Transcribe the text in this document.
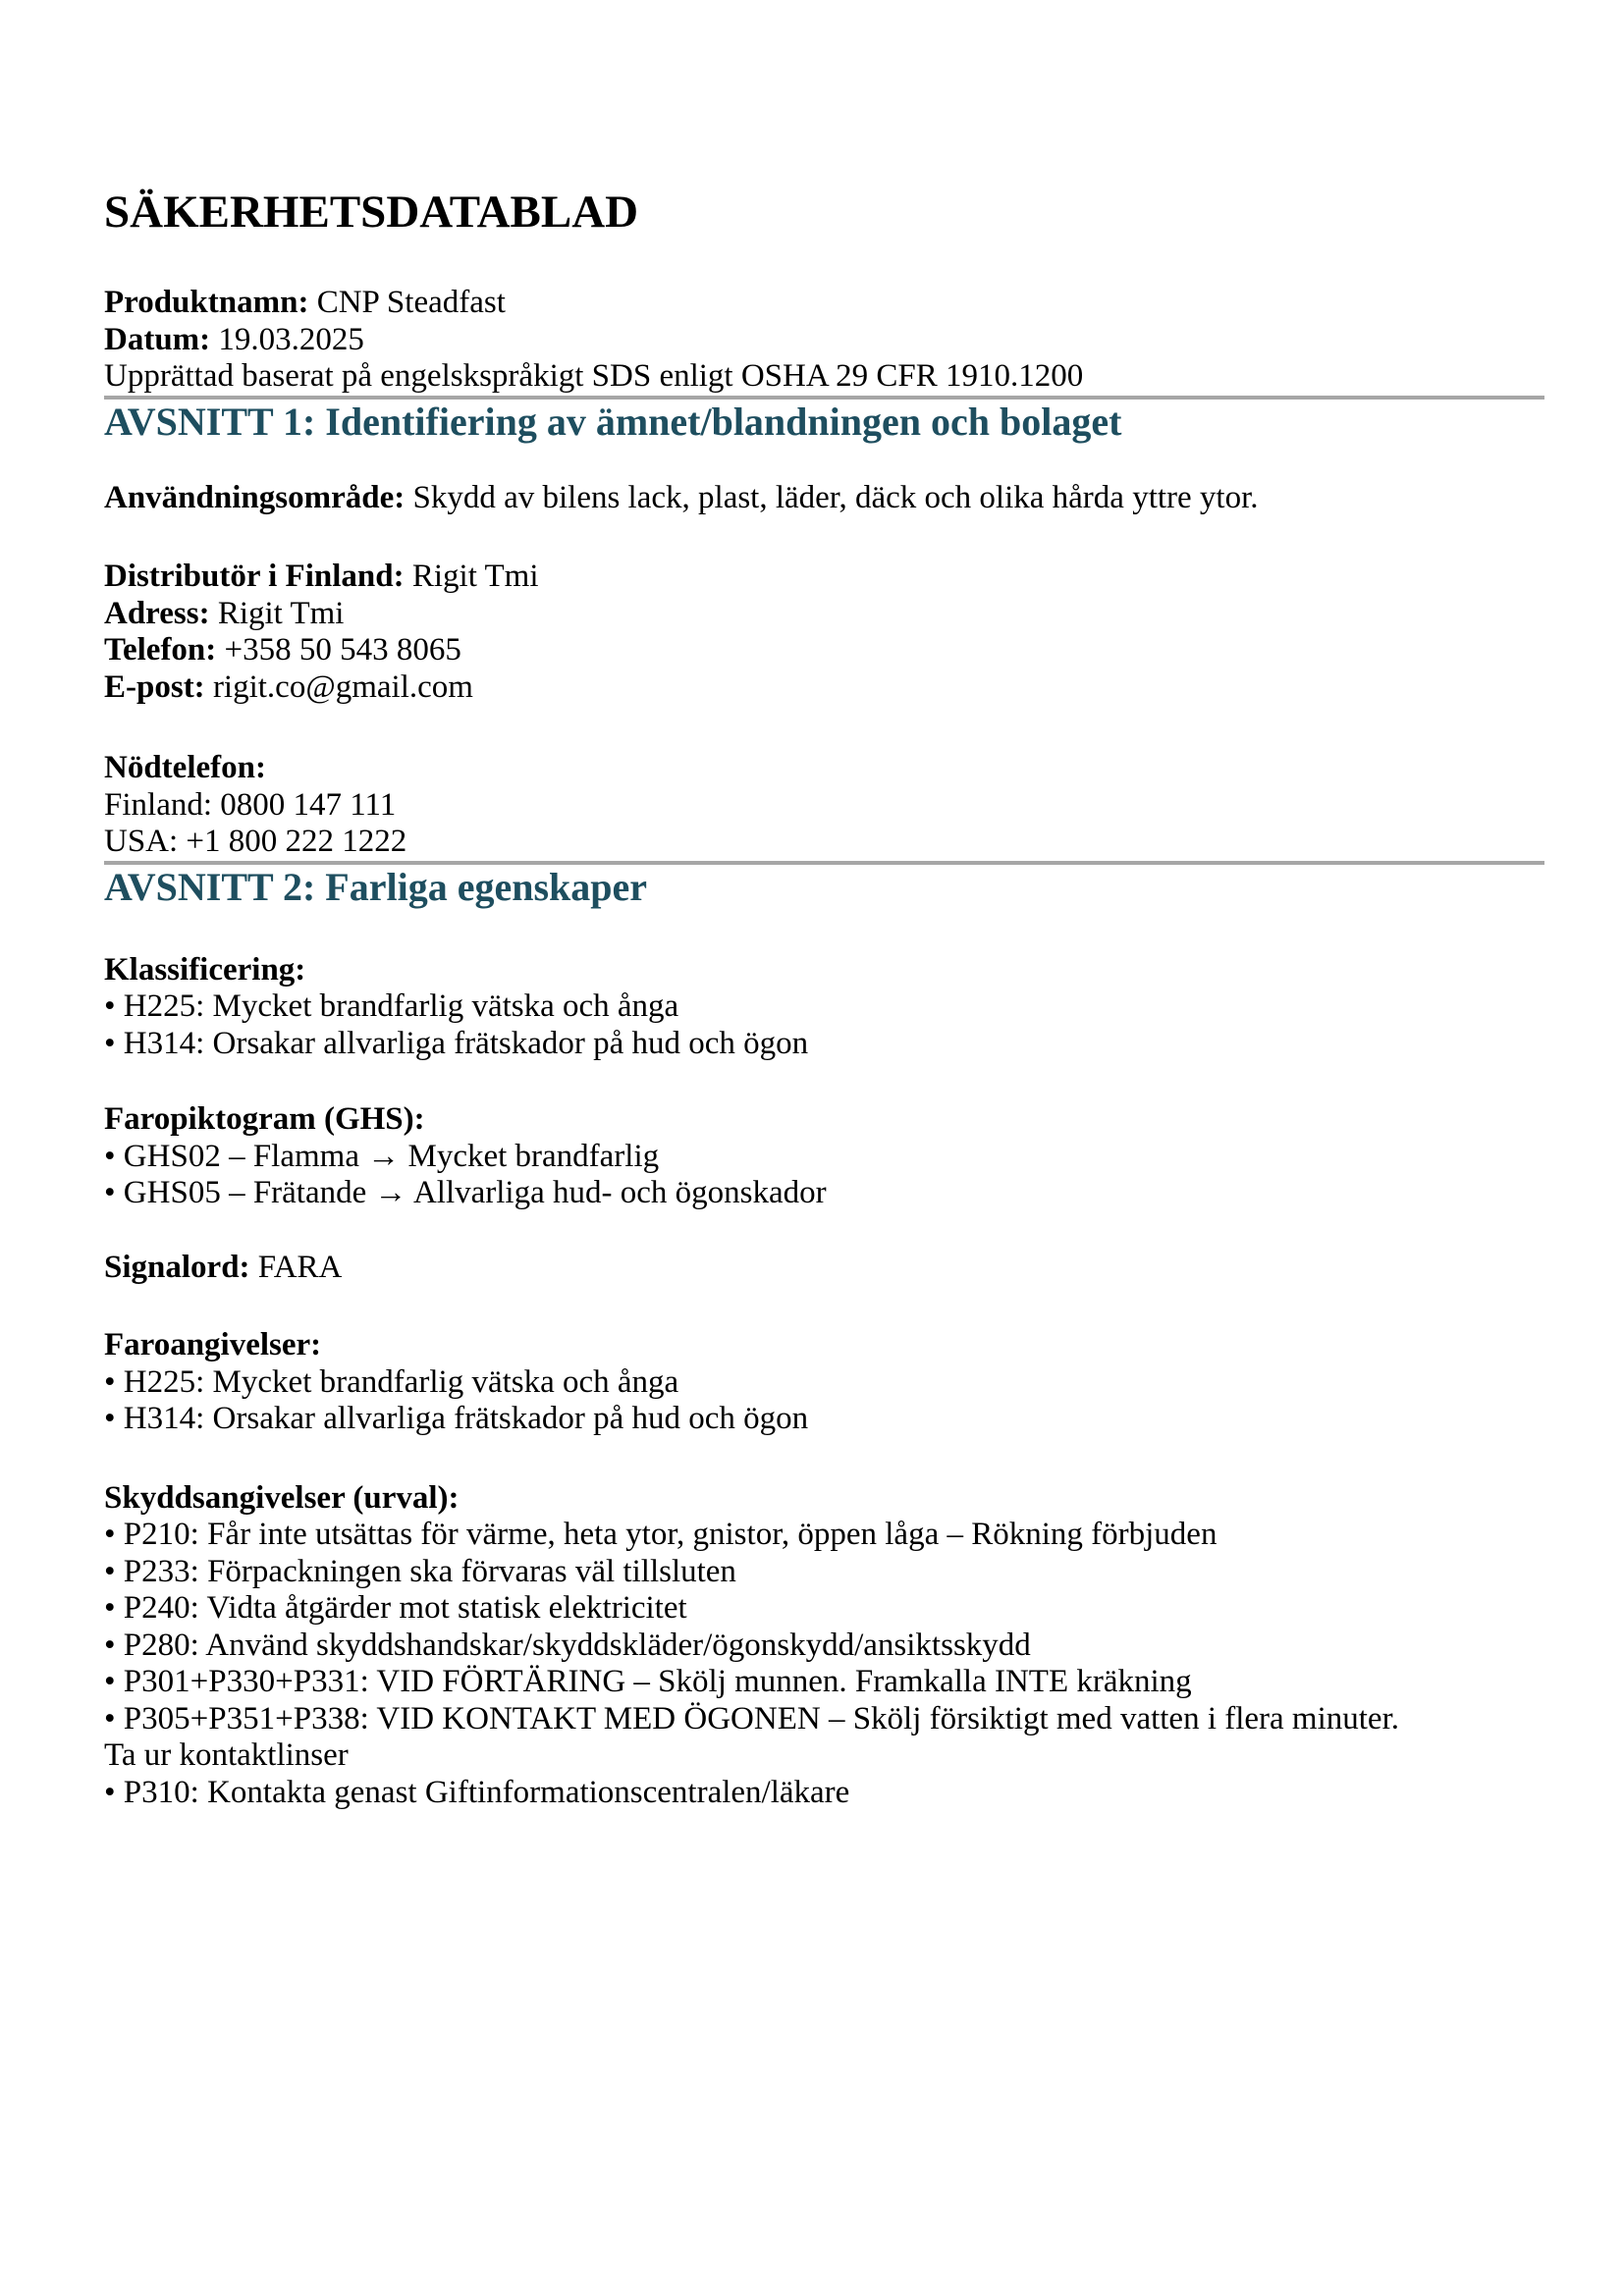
SÄKERHETSDATABLAD

Produktnamn: CNP Steadfast

Datum: 19.03.2025

Upprättad baserat på engelskspråkigt SDS enligt OSHA 29 CFR 1910.1200

AVSNITT 1: Identifiering av ämnet/blandningen och bolaget

Användningsområde: Skydd av bilens lack, plast, läder, däck och olika hårda yttre ytor.

Distributör i Finland: Rigit Tmi

Adress: Rigit Tmi

Telefon: +358 50 543 8065

E-post: rigit.co@gmail.com

Nödtelefon:

Finland: 0800 147 111

USA: +1 800 222 1222

AVSNITT 2: Farliga egenskaper

Klassificering:

• H225: Mycket brandfarlig vätska och ånga

• H314: Orsakar allvarliga frätskador på hud och ögon

Faropiktogram (GHS):

• GHS02 – Flamma → Mycket brandfarlig

• GHS05 – Frätande → Allvarliga hud- och ögonskador

Signalord: FARA

Faroangivelser:

• H225: Mycket brandfarlig vätska och ånga

• H314: Orsakar allvarliga frätskador på hud och ögon

Skyddsangivelser (urval):

• P210: Får inte utsättas för värme, heta ytor, gnistor, öppen låga – Rökning förbjuden

• P233: Förpackningen ska förvaras väl tillsluten

• P240: Vidta åtgärder mot statisk elektricitet

• P280: Använd skyddshandskar/skyddskläder/ögonskydd/ansiktsskydd

• P301+P330+P331: VID FÖRTÄRING – Skölj munnen. Framkalla INTE kräkning

• P305+P351+P338: VID KONTAKT MED ÖGONEN – Skölj försiktigt med vatten i flera minuter.

Ta ur kontaktlinser

• P310: Kontakta genast Giftinformationscentralen/läkare
